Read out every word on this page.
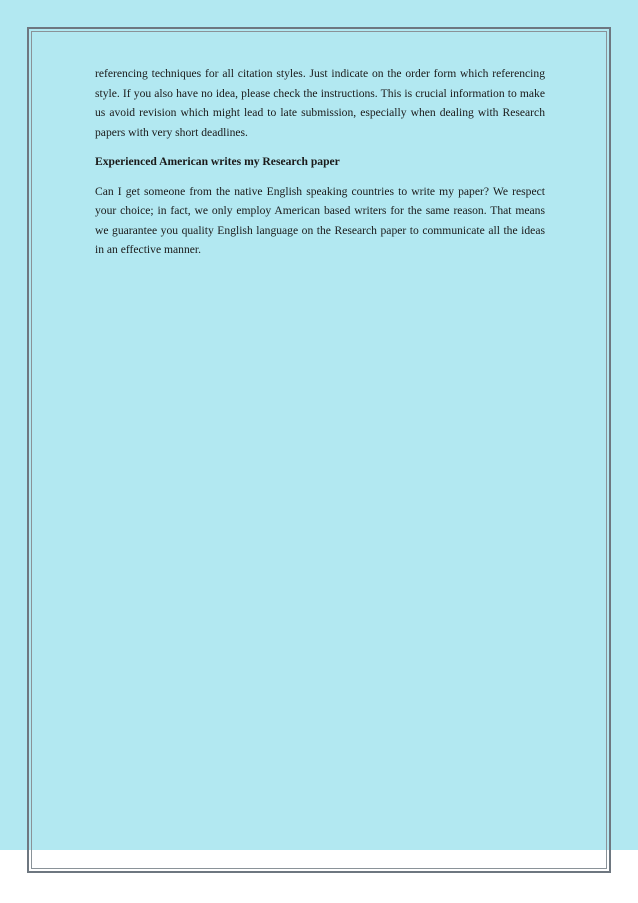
referencing techniques for all citation styles. Just indicate on the order form which referencing style. If you also have no idea, please check the instructions. This is crucial information to make us avoid revision which might lead to late submission, especially when dealing with Research papers with very short deadlines.

Experienced American writes my Research paper

Can I get someone from the native English speaking countries to write my paper? We respect your choice; in fact, we only employ American based writers for the same reason. That means we guarantee you quality English language on the Research paper to communicate all the ideas in an effective manner.
